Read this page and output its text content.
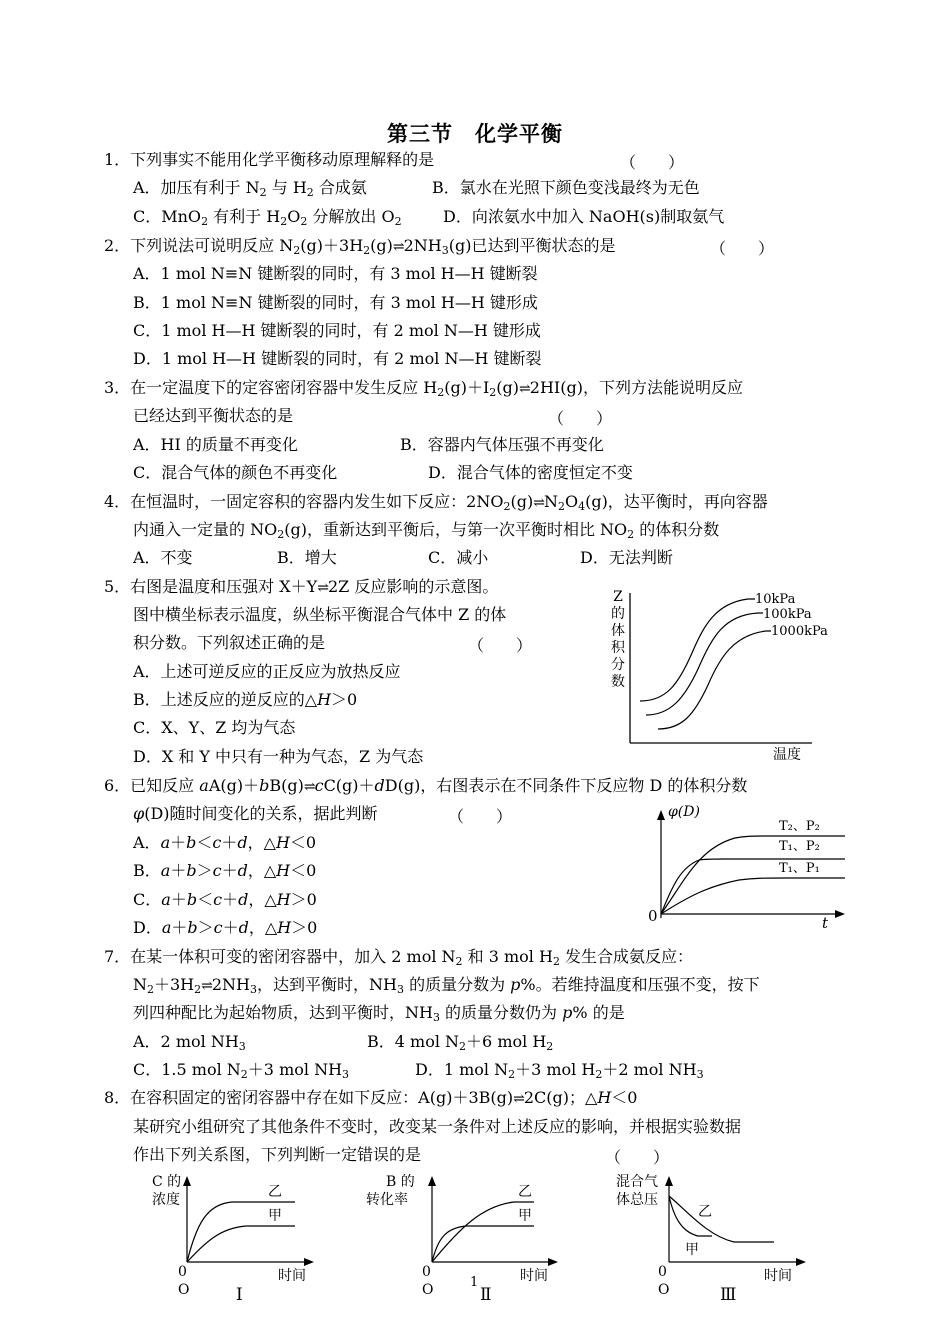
第三节　化学平衡
1．下列事实不能用化学平衡移动原理解释的是	（　　）
A．加压有利于 $N_2$ 与 $H_2$ 合成氨	B．氯水在光照下颜色变浅最终为无色
C．MnO$_2$ 有利于 $H_2O_2$ 分解放出 $O_2$	D．向浓氨水中加入 NaOH(s)制取氨气
2．下列说法可说明反应 $N_2(g)+3H_2(g)\rightleftharpoons 2NH_3(g)$已达到平衡状态的是	（　　）
A．1 mol N≡N 键断裂的同时，有 3 mol H—H 键断裂
B．1 mol N≡N 键断裂的同时，有 3 mol H—H 键形成
C．1 mol H—H 键断裂的同时，有 2 mol N—H 键形成
D．1 mol H—H 键断裂的同时，有 2 mol N—H 键断裂
3．在一定温度下的定容密闭容器中发生反应 $H_2(g)+I_2(g)\rightleftharpoons 2HI(g)$，下列方法能说明反应
已经达到平衡状态的是	（　　）
A．HI 的质量不再变化	B．容器内气体压强不再变化
C．混合气体的颜色不再变化	D．混合气体的密度恒定不变
4．在恒温时，一固定容积的容器内发生如下反应：$2NO_2(g)\rightleftharpoons N_2O_4(g)$，达平衡时，再向容器
内通入一定量的 $NO_2(g)$，重新达到平衡后，与第一次平衡时相比 $NO_2$ 的体积分数
A．不变	B．增大	C．减小	D．无法判断
5．右图是温度和压强对 X＋Y⇌2Z 反应影响的示意图。
图中横坐标表示温度，纵坐标平衡混合气体中 Z 的体
积分数。下列叙述正确的是	（　　）
A．上述可逆反应的正反应为放热反应
B．上述反应的逆反应的△H＞0
C．X、Y、Z 均为气态
D．X 和 Y 中只有一种为气态，Z 为气态
Z
的
体
积
分
数
10kPa
100kPa
1000kPa
温度
6．已知反应 aA(g)＋bB(g)⇌cC(g)＋dD(g)，右图表示在不同条件下反应物 D 的体积分数
φ(D)随时间变化的关系，据此判断	（　　）
A．a＋b＜c＋d，△H＜0
B．a＋b＞c＋d，△H＜0
C．a＋b＜c＋d，△H＞0
D．a＋b＞c＋d，△H＞0
φ(D)
0	t
T₂、P₂
T₁、P₂
T₁、P₁
7．在某一体积可变的密闭容器中，加入 2 mol $N_2$ 和 3 mol $H_2$ 发生合成氨反应：
$N_2+3H_2\rightleftharpoons 2NH_3$，达到平衡时，$NH_3$ 的质量分数为 p%。若维持温度和压强不变，按下
列四种配比为起始物质，达到平衡时，$NH_3$ 的质量分数仍为 p% 的是
A．2 mol $NH_3$	B．4 mol $N_2+6$ mol $H_2$
C．1.5 mol $N_2+3$ mol $NH_3$	D．1 mol $N_2+3$ mol $H_2+2$ mol $NH_3$
8．在容积固定的密闭容器中存在如下反应：A(g)＋3B(g)⇌2C(g)；△H＜0
某研究小组研究了其他条件不变时，改变某一条件对上述反应的影响，并根据实验数据
作出下列关系图，下列判断一定错误的是	（　　）
C 的
浓度	乙
甲
0
O
时间
Ⅰ
B 的
转化率	乙
甲
0
O	1	时间
Ⅱ
混合气
体总压
乙
甲
0
O
时间
Ⅲ
